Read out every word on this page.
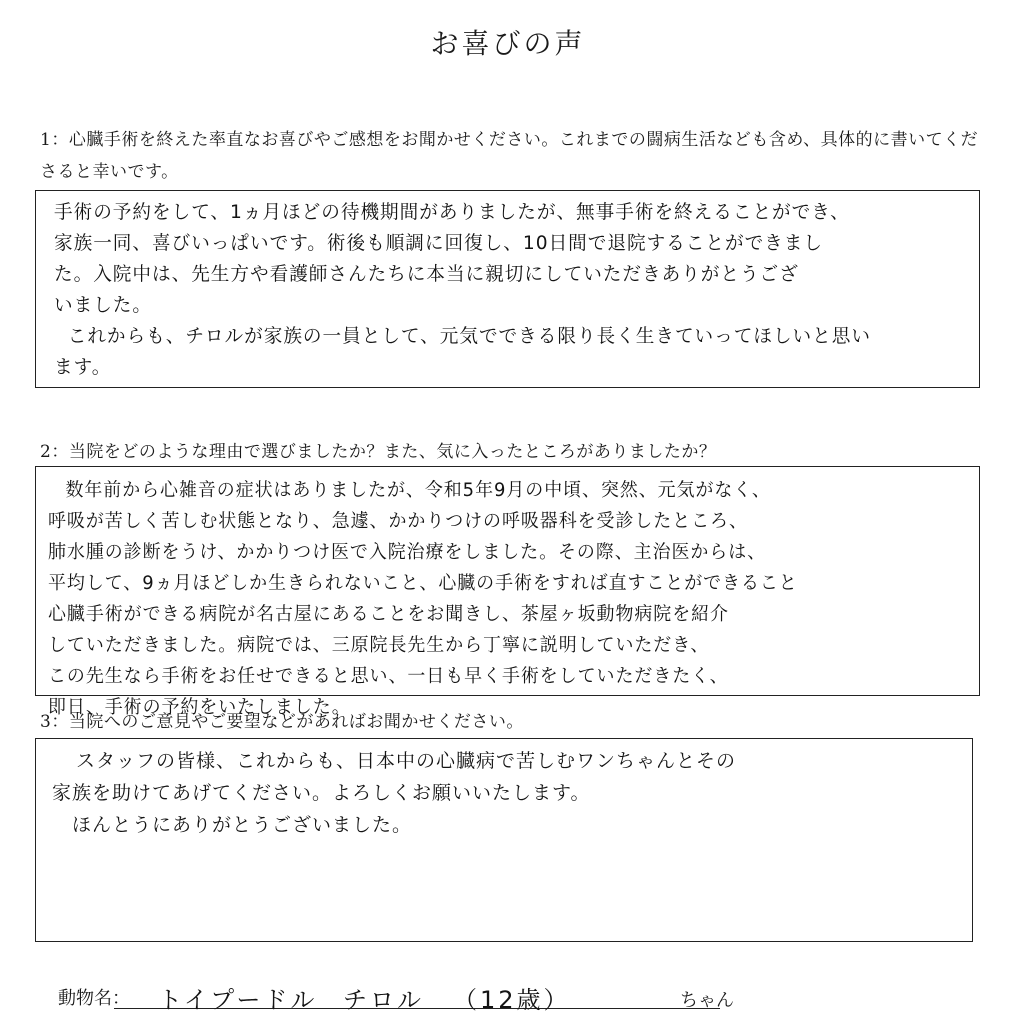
お喜びの声
1：心臓手術を終えた率直なお喜びやご感想をお聞かせください。これまでの闘病生活なども含め、具体的に書いてくださると幸いです。

手術の予約をして、1ヵ月ほどの待機期間がありましたが、無事手術を終えることができ、

家族一同、喜びいっぱいです。術後も順調に回復し、10日間で退院することができまし

た。入院中は、先生方や看護師さんたちに本当に親切にしていただきありがとうござ

いました。

これからも、チロルが家族の一員として、元気でできる限り長く生きていってほしいと思い

ます。

2：当院をどのような理由で選びましたか？また、気に入ったところがありましたか？

数年前から心雑音の症状はありましたが、令和5年9月の中頃、突然、元気がなく、

呼吸が苦しく苦しむ状態となり、急遽、かかりつけの呼吸器科を受診したところ、

肺水腫の診断をうけ、かかりつけ医で入院治療をしました。その際、主治医からは、

平均して、9ヵ月ほどしか生きられないこと、心臓の手術をすれば直すことができること

心臓手術ができる病院が名古屋にあることをお聞きし、茶屋ヶ坂動物病院を紹介

していただきました。病院では、三原院長先生から丁寧に説明していただき、

この先生なら手術をお任せできると思い、一日も早く手術をしていただきたく、

即日、手術の予約をいたしました。

3：当院へのご意見やご要望などがあればお聞かせください。

スタッフの皆様、これからも、日本中の心臓病で苦しむワンちゃんとその

家族を助けてあげてください。よろしくお願いいたします。

ほんとうにありがとうございました。

動物名： トイプードル チロル （12歳）	ちゃん
